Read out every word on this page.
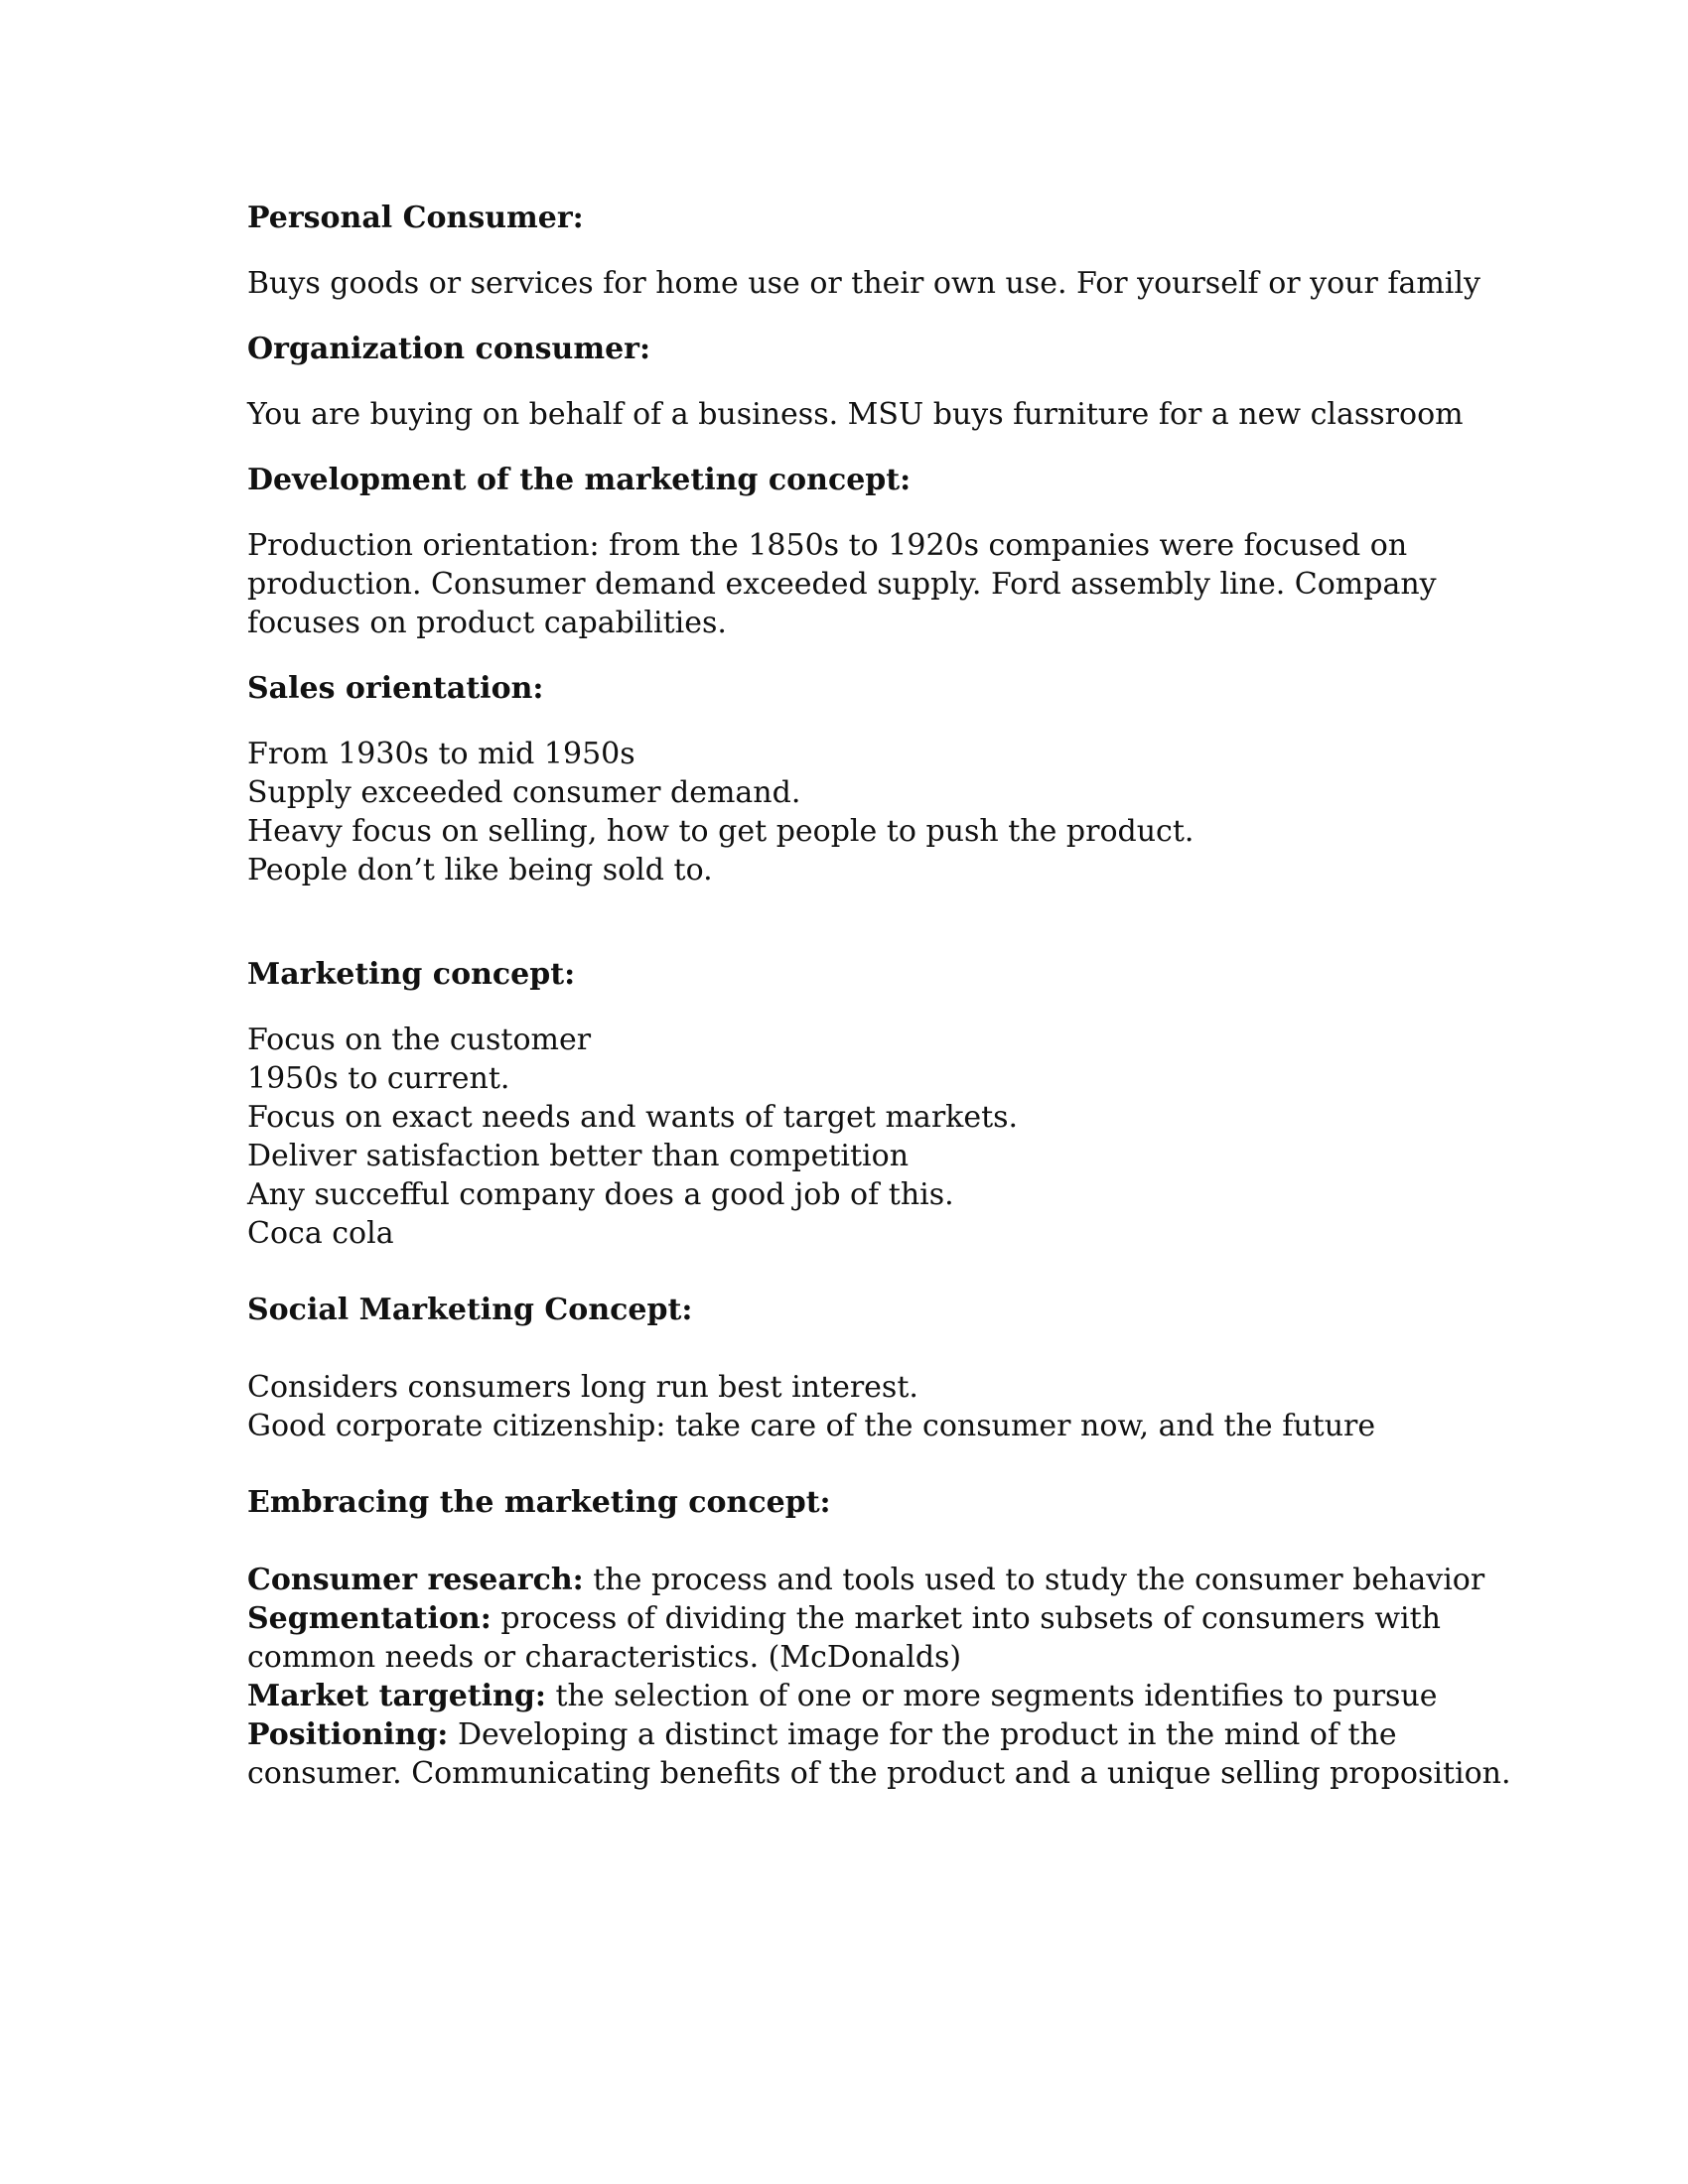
Personal Consumer:

Buys goods or services for home use or their own use. For yourself or your family

Organization consumer:

You are buying on behalf of a business. MSU buys furniture for a new classroom

Development of the marketing concept:

Production orientation: from the 1850s to 1920s companies were focused on
production. Consumer demand exceeded supply. Ford assembly line. Company
focuses on product capabilities.

Sales orientation:

From 1930s to mid 1950s
Supply exceeded consumer demand.
Heavy focus on selling, how to get people to push the product.
People don’t like being sold to.

Marketing concept:

Focus on the customer
1950s to current.
Focus on exact needs and wants of target markets.
Deliver satisfaction better than competition
Any succefful company does a good job of this.
Coca cola

Social Marketing Concept:

Considers consumers long run best interest.
Good corporate citizenship: take care of the consumer now, and the future

Embracing the marketing concept:

Consumer research: the process and tools used to study the consumer behavior
Segmentation: process of dividing the market into subsets of consumers with
common needs or characteristics. (McDonalds)
Market targeting: the selection of one or more segments identifies to pursue
Positioning: Developing a distinct image for the product in the mind of the
consumer. Communicating benefits of the product and a unique selling proposition.
